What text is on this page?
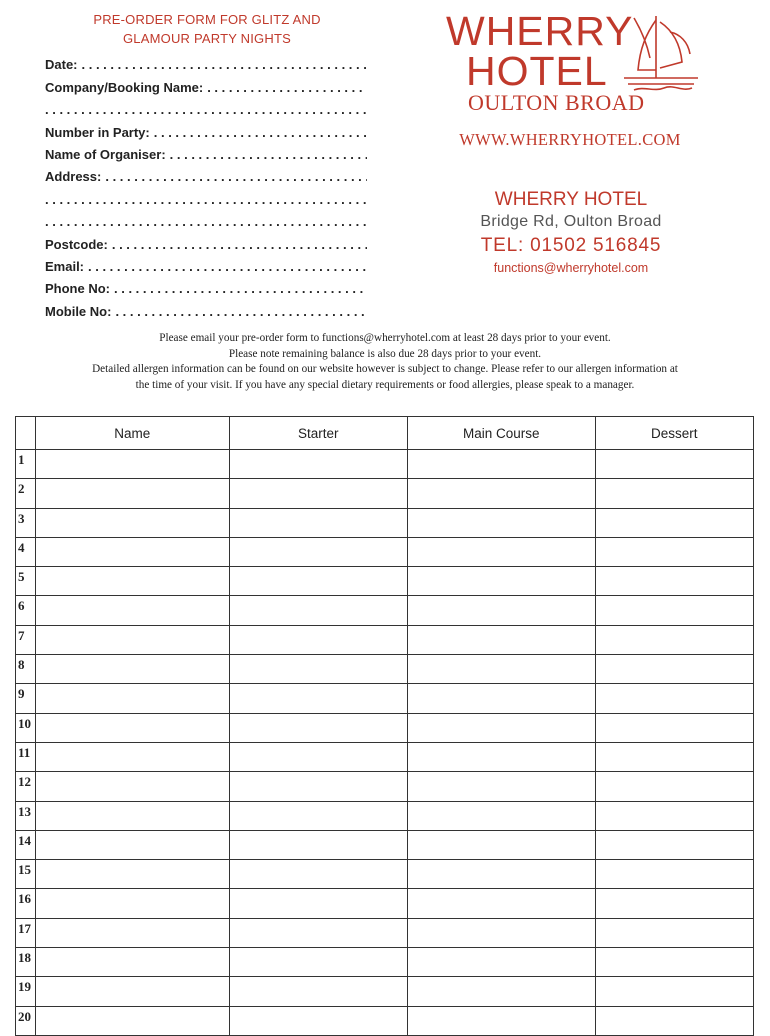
PRE-ORDER FORM FOR GLITZ AND
GLAMOUR PARTY NIGHTS
Date:
. . .
Company/Booking Name:
. . .
. . .
Number in Party:
. . .
Name of Organiser:
. . .
Address:
. . .
. . .
. . .
Postcode:
. . .
Email:
. . .
Phone No:
. . .
Mobile No:
. . .
WHERRY
HOTEL
OULTON BROAD
WWW.WHERRYHOTEL.COM
WHERRY HOTEL
Bridge Rd, Oulton Broad
TEL: 01502 516845
functions@wherryhotel.com

Please email your pre-order form to functions@wherryhotel.com at least 28 days prior to your event.

Please note remaining balance is also due 28 days prior to your event.

Detailed allergen information can be found on our website however is subject to change. Please refer to our allergen information at

the time of your visit. If you have any special dietary requirements or food allergies, please speak to a manager.

	Name	Starter	Main Course	Dessert
1				
2				
3				
4				
5				
6				
7				
8				
9				
10				
11				
12				
13				
14				
15				
16				
17				
18				
19				
20				
